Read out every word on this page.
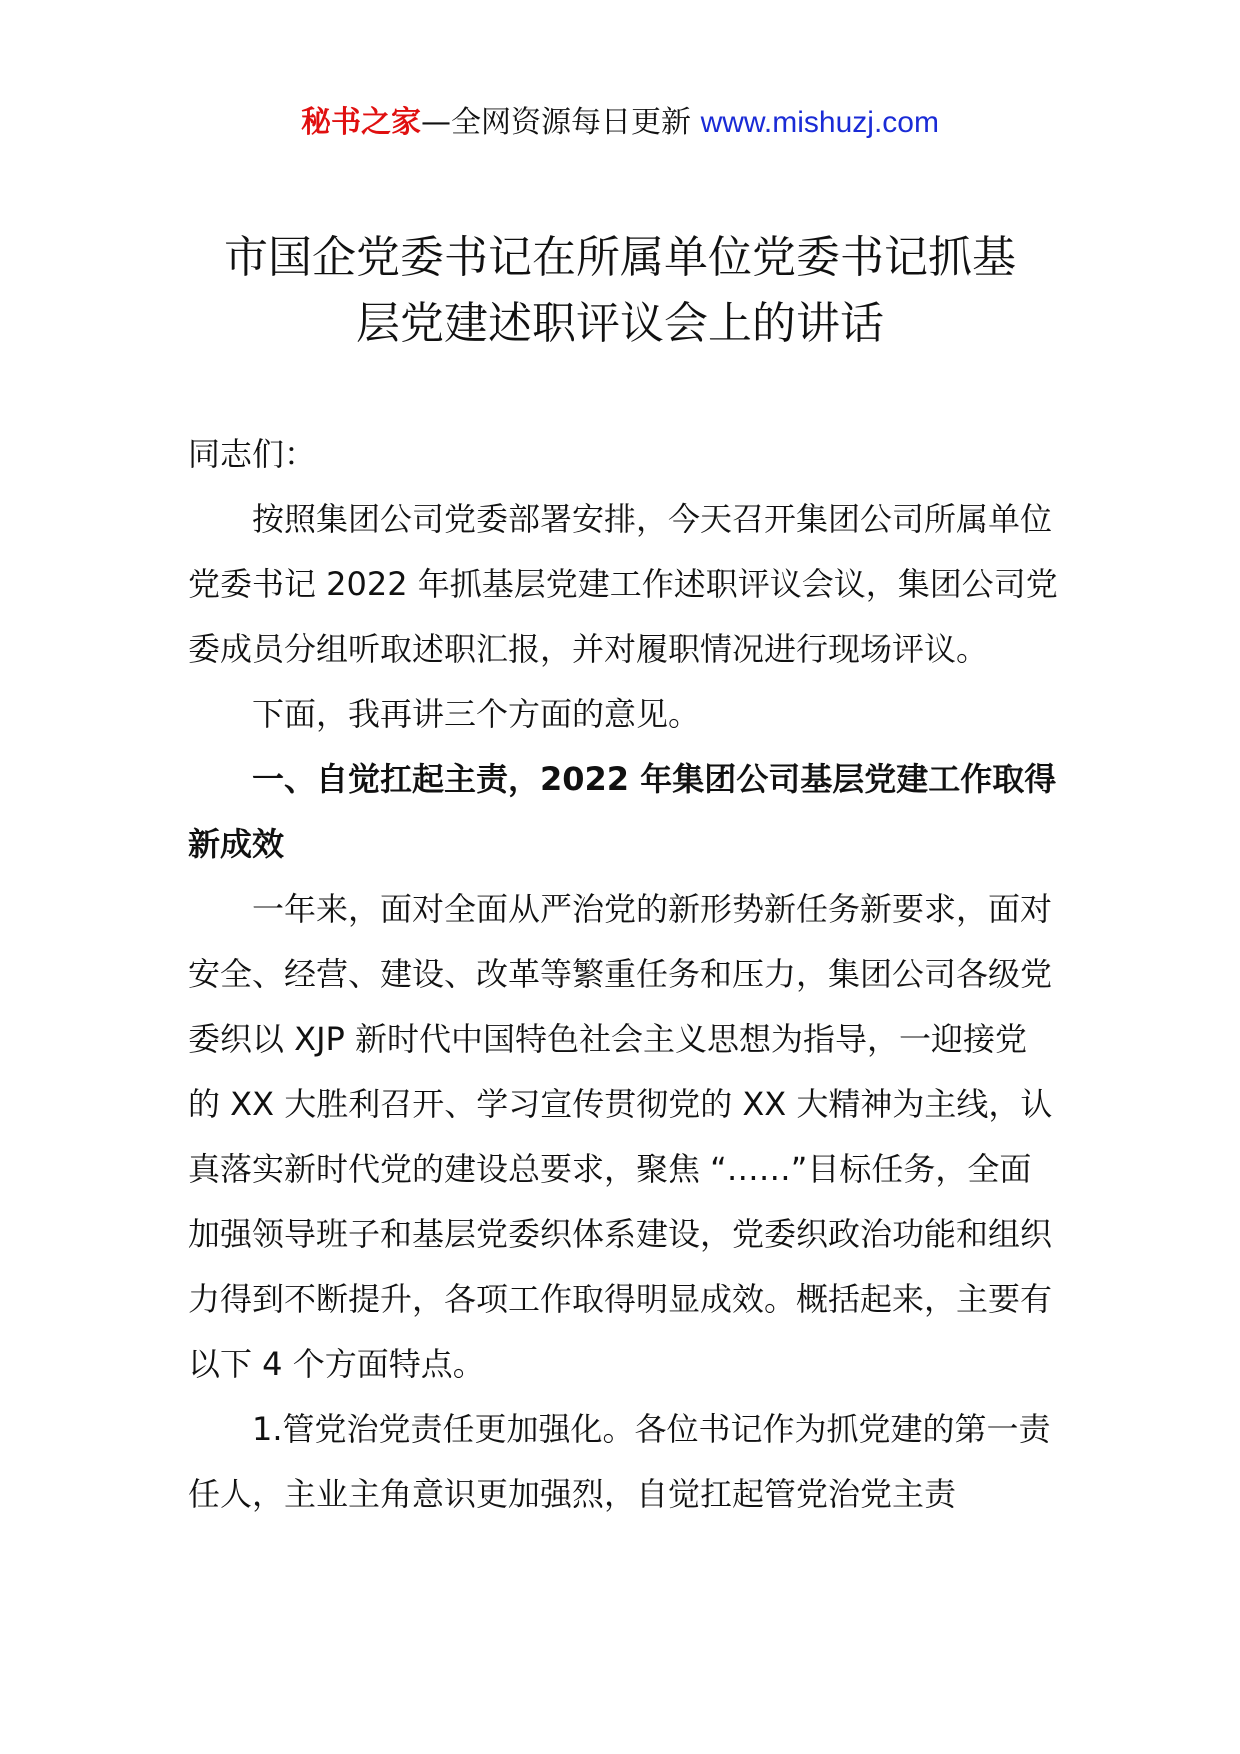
秘书之家—全网资源每日更新 www.mishuzj.com
市国企党委书记在所属单位党委书记抓基
层党建述职评议会上的讲话

同志们：

按照集团公司党委部署安排，今天召开集团公司所属单位党委书记 2022 年抓基层党建工作述职评议会议，集团公司党委成员分组听取述职汇报，并对履职情况进行现场评议。

下面，我再讲三个方面的意见。

一、自觉扛起主责，2022 年集团公司基层党建工作取得新成效

一年来，面对全面从严治党的新形势新任务新要求，面对安全、经营、建设、改革等繁重任务和压力，集团公司各级党委织以 XJP 新时代中国特色社会主义思想为指导，一迎接党的 XX 大胜利召开、学习宣传贯彻党的 XX 大精神为主线，认真落实新时代党的建设总要求，聚焦 “……”目标任务，全面加强领导班子和基层党委织体系建设，党委织政治功能和组织力得到不断提升，各项工作取得明显成效。概括起来，主要有以下 4 个方面特点。

1.管党治党责任更加强化。各位书记作为抓党建的第一责任人，主业主角意识更加强烈，自觉扛起管党治党主责
